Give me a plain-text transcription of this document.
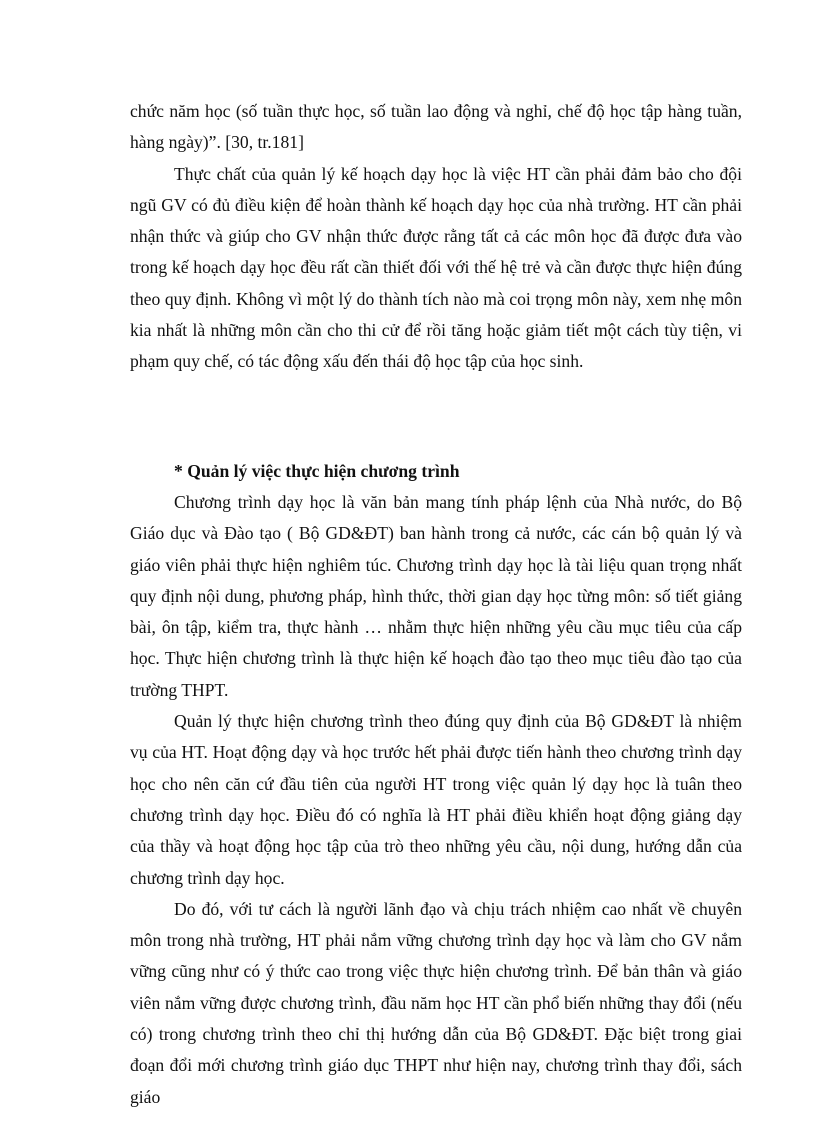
chức năm học (số tuần thực học, số tuần lao động và nghỉ, chế độ học tập hàng tuần, hàng ngày)”. [30, tr.181]

Thực chất của quản lý kế hoạch dạy học là việc HT cần phải đảm bảo cho đội ngũ GV có đủ điều kiện để hoàn thành kế hoạch dạy học của nhà trường. HT cần phải nhận thức và giúp cho GV nhận thức được rằng tất cả các môn học đã được đưa vào trong kế hoạch dạy học đều rất cần thiết đối với thế hệ trẻ và cần được thực hiện đúng theo quy định. Không vì một lý do thành tích nào mà coi trọng môn này, xem nhẹ môn kia nhất là những môn cần cho thi cử để rồi tăng hoặc giảm tiết một cách tùy tiện, vi phạm quy chế, có tác động xấu đến thái độ học tập của học sinh.

* Quản lý việc thực hiện chương trình

Chương trình dạy học là văn bản mang tính pháp lệnh của Nhà nước, do Bộ Giáo dục và Đào tạo ( Bộ GD&ĐT) ban hành trong cả nước, các cán bộ quản lý và giáo viên phải thực hiện nghiêm túc. Chương trình dạy học là tài liệu quan trọng nhất quy định nội dung, phương pháp, hình thức, thời gian dạy học từng môn: số tiết giảng bài, ôn tập, kiểm tra, thực hành … nhằm thực hiện những yêu cầu mục tiêu của cấp học. Thực hiện chương trình là thực hiện kế hoạch đào tạo theo mục tiêu đào tạo của trường THPT.

Quản lý thực hiện chương trình theo đúng quy định của Bộ GD&ĐT là nhiệm vụ của HT. Hoạt động dạy và học trước hết phải được tiến hành theo chương trình dạy học cho nên căn cứ đầu tiên của người HT trong việc quản lý dạy học là tuân theo chương trình dạy học. Điều đó có nghĩa là HT phải điều khiển hoạt động giảng dạy của thầy và hoạt động học tập của trò theo những yêu cầu, nội dung, hướng dẫn của chương trình dạy học.

Do đó, với tư cách là người lãnh đạo và chịu trách nhiệm cao nhất về chuyên môn trong nhà trường, HT phải nắm vững chương trình dạy học và làm cho GV nắm vững cũng như có ý thức cao trong việc thực hiện chương trình. Để bản thân và giáo viên nắm vững được chương trình, đầu năm học HT cần phổ biến những thay đổi (nếu có) trong chương trình theo chỉ thị hướng dẫn của Bộ GD&ĐT. Đặc biệt trong giai đoạn đổi mới chương trình giáo dục THPT như hiện nay, chương trình thay đổi, sách giáo
